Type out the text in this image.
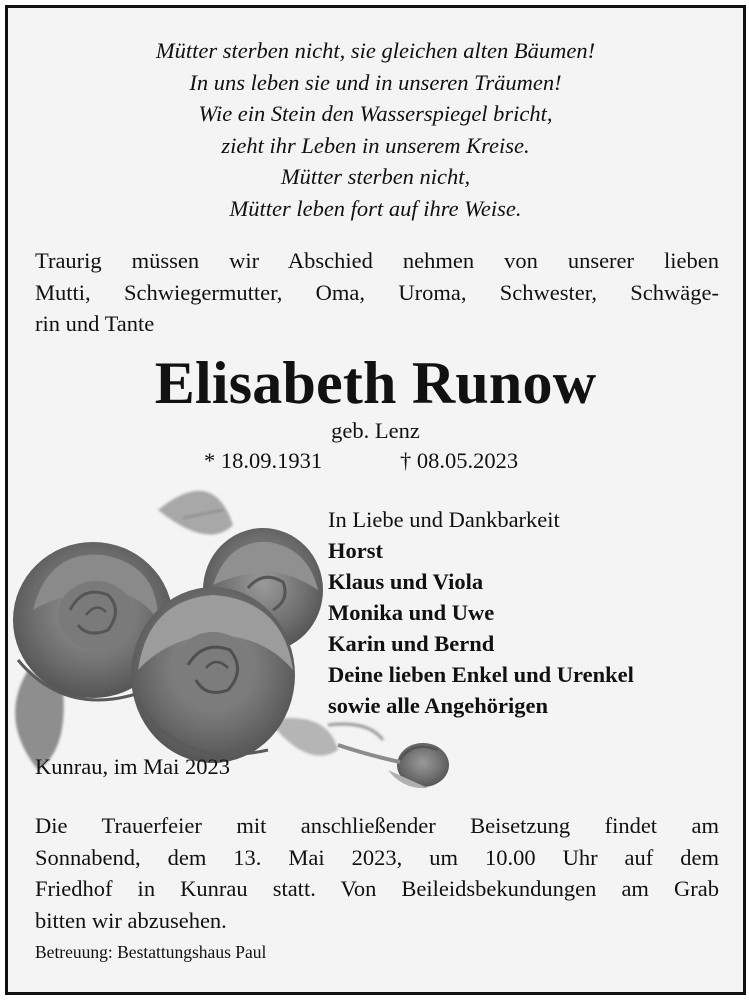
Mütter sterben nicht, sie gleichen alten Bäumen!
In uns leben sie und in unseren Träumen!
Wie ein Stein den Wasserspiegel bricht,
zieht ihr Leben in unserem Kreise.
Mütter sterben nicht,
Mütter leben fort auf ihre Weise.
Traurig müssen wir Abschied nehmen von unserer lieben
Mutti, Schwiegermutter, Oma, Uroma, Schwester, Schwäge-
rin und Tante
Elisabeth Runow
geb. Lenz
* 18.09.1931	† 08.05.2023
In Liebe und Dankbarkeit
Horst
Klaus und Viola
Monika und Uwe
Karin und Bernd
Deine lieben Enkel und Urenkel
sowie alle Angehörigen
Kunrau, im Mai 2023
Die Trauerfeier mit anschließender Beisetzung findet am
Sonnabend, dem 13. Mai 2023, um 10.00 Uhr auf dem
Friedhof in Kunrau statt. Von Beileidsbekundungen am Grab
bitten wir abzusehen.
Betreuung: Bestattungshaus Paul
